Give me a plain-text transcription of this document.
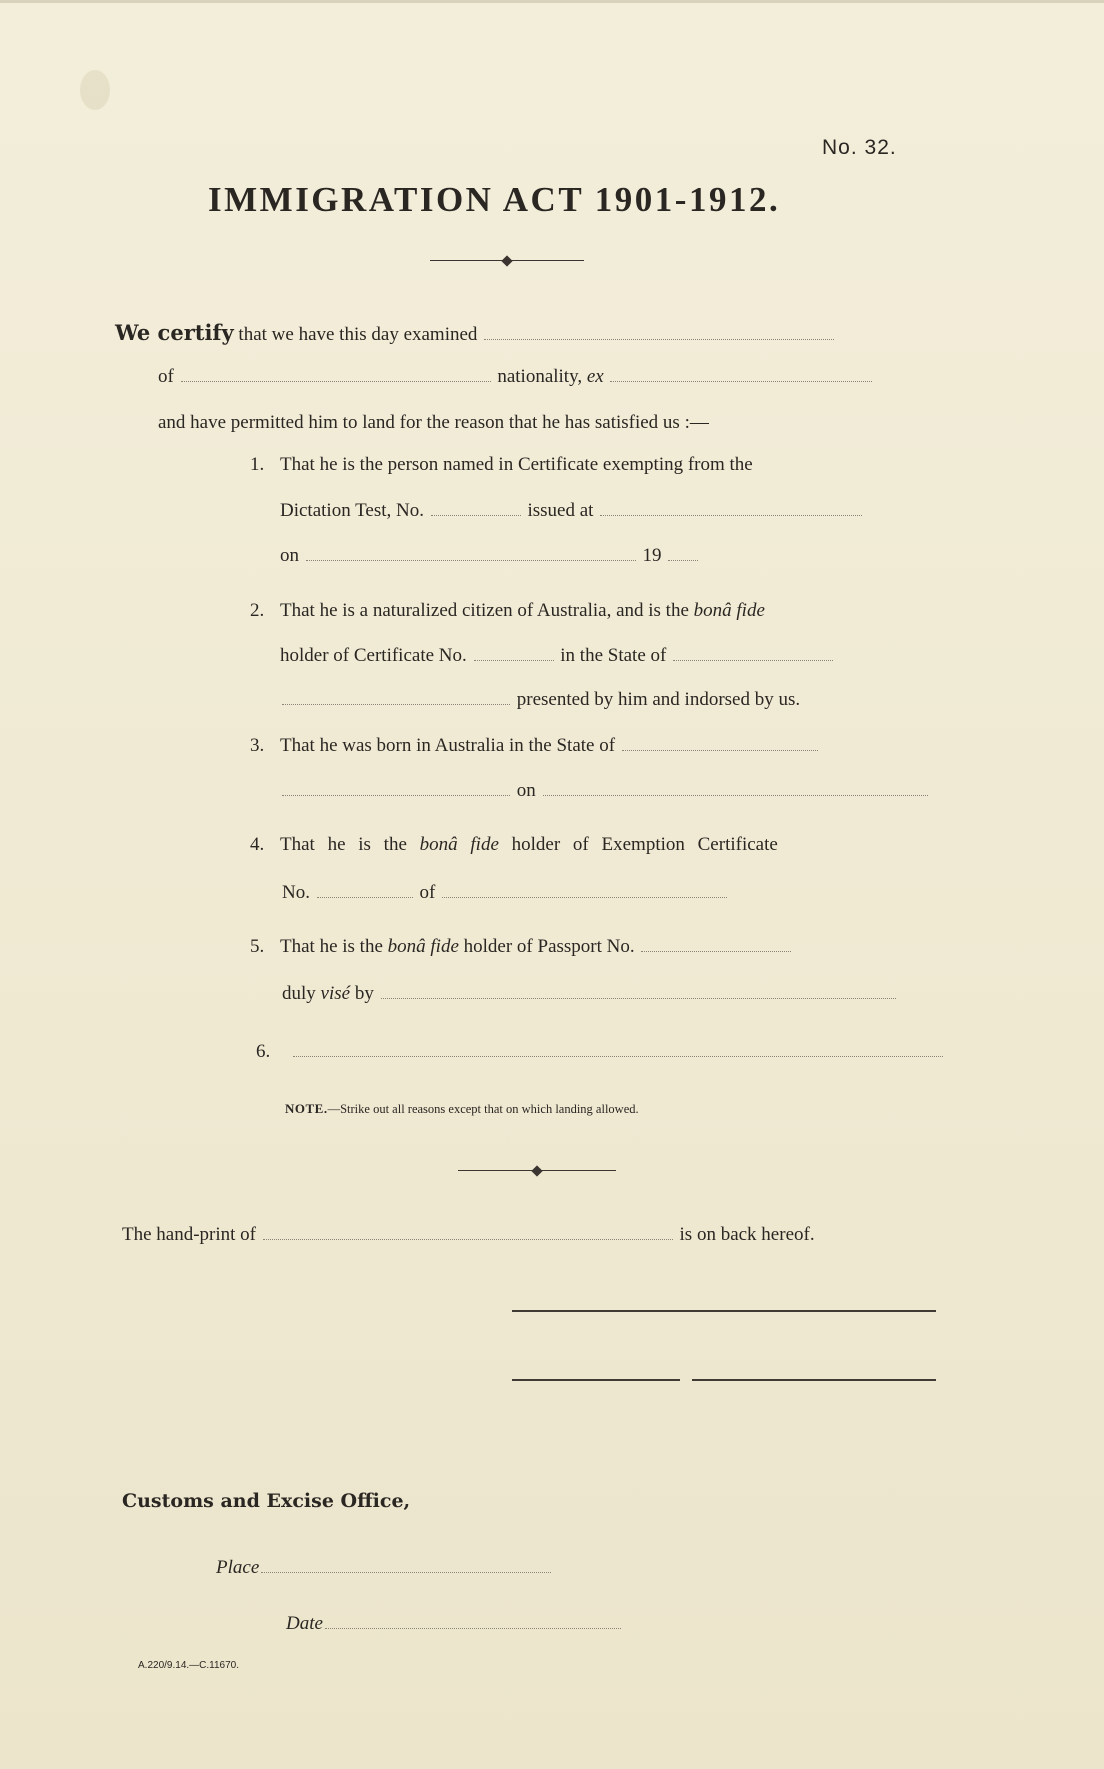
No. 32.
IMMIGRATION ACT 1901-1912.
We certify that we have this day examined
of	nationality, ex
and have permitted him to land for the reason that he has satisfied us :—
1. That he is the person named in Certificate exempting from the
Dictation Test, No.	issued at
on	19
2. That he is a naturalized citizen of Australia, and is the bonâ fide
holder of Certificate No.	in the State of
presented by him and indorsed by us.
3. That he was born in Australia in the State of
on
4. That he is the bonâ fide holder of Exemption Certificate
No.	of
5. That he is the bonâ fide holder of Passport No.
duly visé by
6.
NOTE.—Strike out all reasons except that on which landing allowed.
The hand-print of	is on back hereof.
Customs and Excise Office,
Place
Date
A.220/9.14.—C.11670.
